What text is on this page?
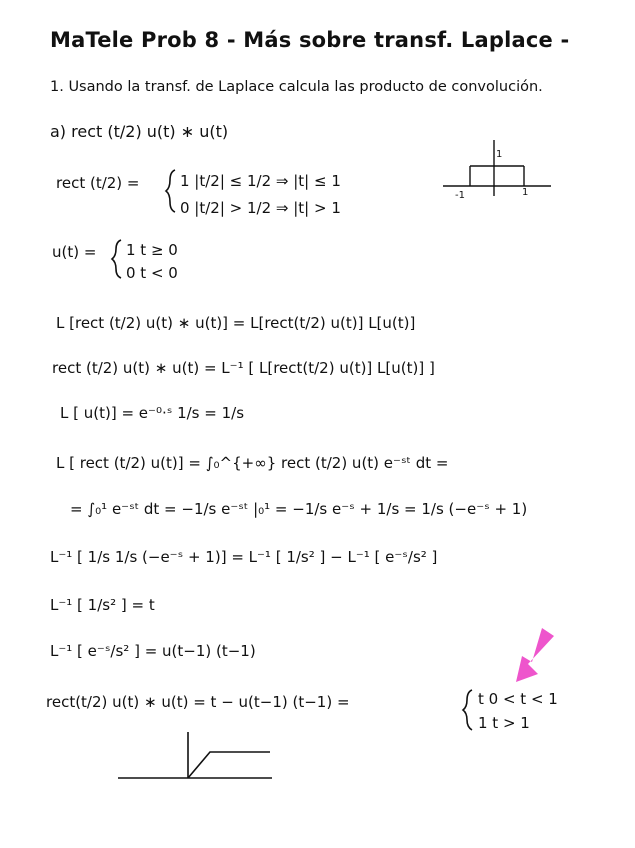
MaTele Prob 8 - Más sobre transf. Laplace -
1. Usando la transf. de Laplace calcula las producto de convolución.
a) rect (t/2) u(t) ∗ u(t)
rect (t/2) =	1 |t/2| ≤ 1/2 ⇒ |t| ≤ 1
0 |t/2| > 1/2 ⇒ |t| > 1
1
-1	1
u(t) = 1 t ≥ 0
0 t < 0
L [rect (t/2) u(t) ∗ u(t)] = L[rect(t/2) u(t)] L[u(t)]
rect (t/2) u(t) ∗ u(t) = L⁻¹ [ L[rect(t/2) u(t)] L[u(t)] ]
L [ u(t)] = e⁻⁰·ˢ 1/s = 1/s
L [ rect (t/2) u(t)] = ∫₀^{+∞} rect (t/2) u(t) e⁻ˢᵗ dt =
= ∫₀¹ e⁻ˢᵗ dt = −1/s e⁻ˢᵗ |₀¹ = −1/s e⁻ˢ + 1/s = 1/s (−e⁻ˢ + 1)
L⁻¹ [ 1/s 1/s (−e⁻ˢ + 1)] = L⁻¹ [ 1/s² ] − L⁻¹ [ e⁻ˢ/s² ]
L⁻¹ [ 1/s² ] = t
L⁻¹ [ e⁻ˢ/s² ] = u(t−1) (t−1)
rect(t/2) u(t) ∗ u(t) = t − u(t−1) (t−1) =	t 0 < t < 1
1 t > 1
